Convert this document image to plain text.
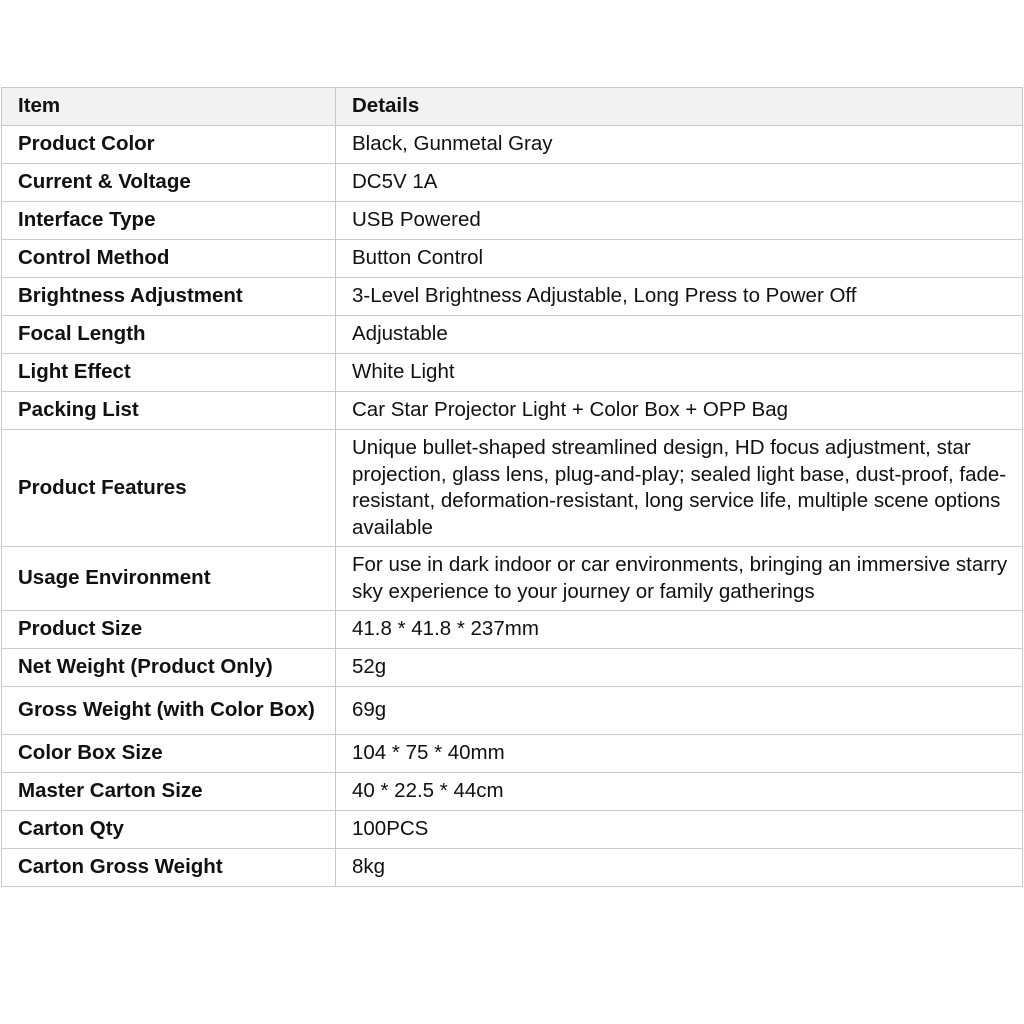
Item	Details
Product Color	Black, Gunmetal Gray
Current & Voltage	DC5V 1A
Interface Type	USB Powered
Control Method	Button Control
Brightness Adjustment	3-Level Brightness Adjustable, Long Press to Power Off
Focal Length	Adjustable
Light Effect	White Light
Packing List	Car Star Projector Light + Color Box + OPP Bag
Product Features	Unique bullet-shaped streamlined design, HD focus adjustment, star projection, glass lens, plug-and-play; sealed light base, dust-proof, fade-resistant, deformation-resistant, long service life, multiple scene options available
Usage Environment	For use in dark indoor or car environments, bringing an immersive starry sky experience to your journey or family gatherings
Product Size	41.8 * 41.8 * 237mm
Net Weight (Product Only)	52g
Gross Weight (with Color Box)	69g
Color Box Size	104 * 75 * 40mm
Master Carton Size	40 * 22.5 * 44cm
Carton Qty	100PCS
Carton Gross Weight	8kg
